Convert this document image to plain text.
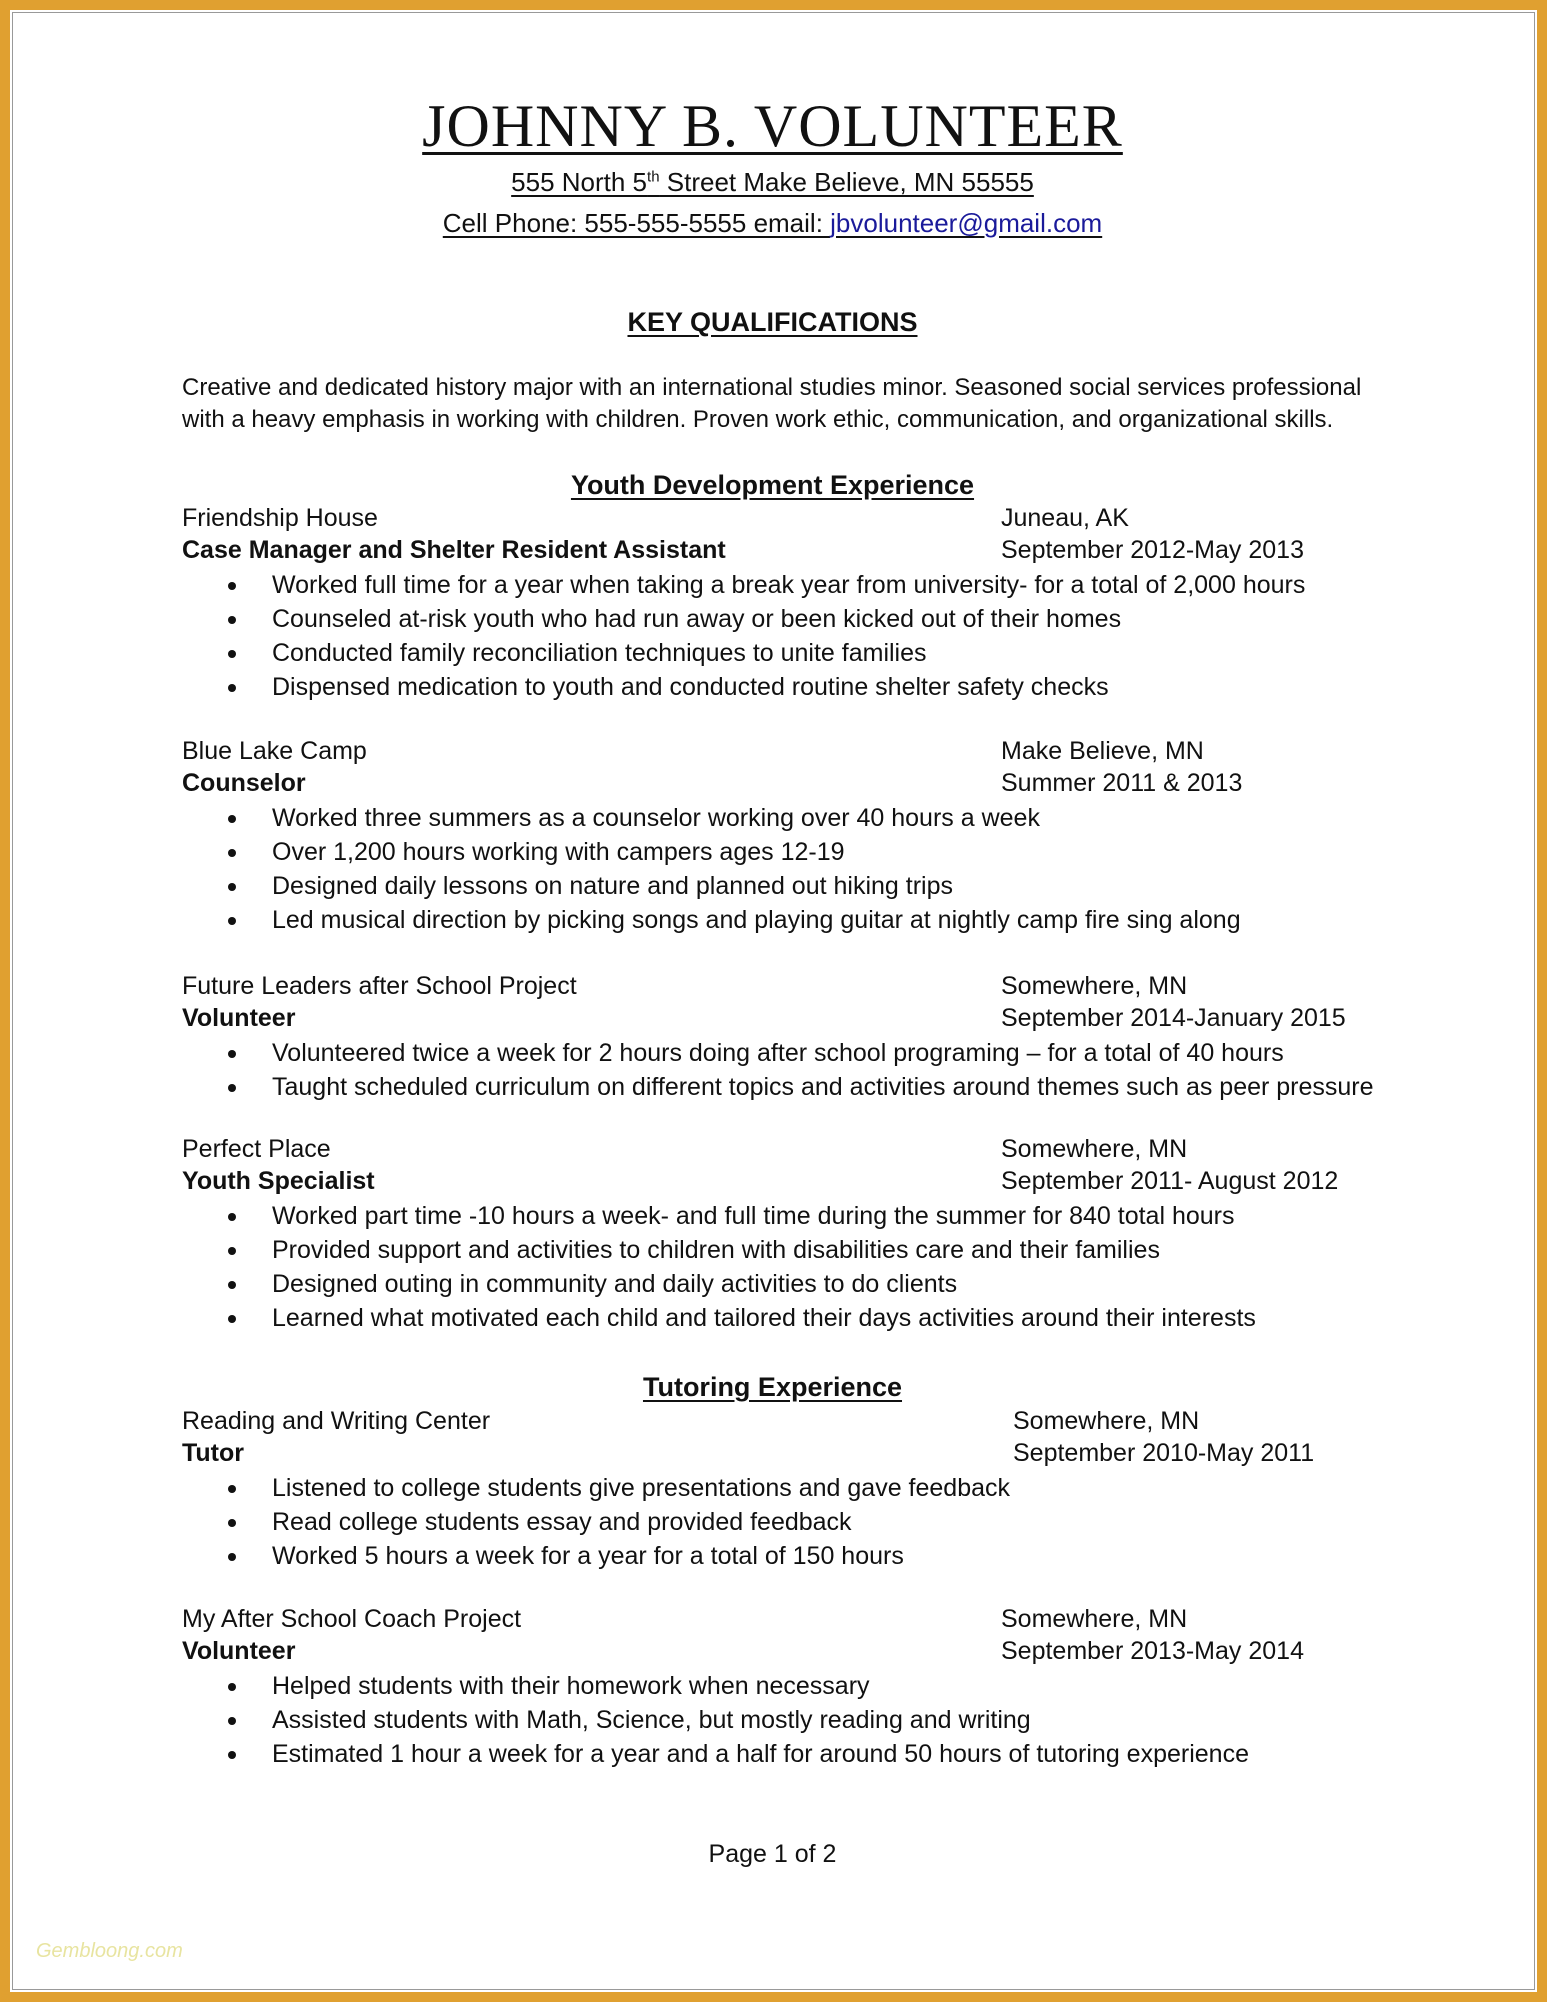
JOHNNY B. VOLUNTEER
555 North 5th Street Make Believe, MN 55555
Cell Phone: 555-555-5555 email: jbvolunteer@gmail.com
KEY QUALIFICATIONS
Creative and dedicated history major with an international studies minor. Seasoned social services professional with a heavy emphasis in working with children. Proven work ethic, communication, and organizational skills.
Youth Development Experience
Friendship House	Juneau, AK
Case Manager and Shelter Resident Assistant	September 2012-May 2013
Worked full time for a year when taking a break year from university- for a total of 2,000 hours
Counseled at-risk youth who had run away or been kicked out of their homes
Conducted family reconciliation techniques to unite families
Dispensed medication to youth and conducted routine shelter safety checks
Blue Lake Camp	Make Believe, MN
Counselor	Summer 2011 & 2013
Worked three summers as a counselor working over 40 hours a week
Over 1,200 hours working with campers ages 12-19
Designed daily lessons on nature and planned out hiking trips
Led musical direction by picking songs and playing guitar at nightly camp fire sing along
Future Leaders after School Project	Somewhere, MN
Volunteer	September 2014-January 2015
Volunteered twice a week for 2 hours doing after school programing – for a total of 40 hours
Taught scheduled curriculum on different topics and activities around themes such as peer pressure
Perfect Place	Somewhere, MN
Youth Specialist	September 2011- August 2012
Worked part time -10 hours a week- and full time during the summer for 840 total hours
Provided support and activities to children with disabilities care and their families
Designed outing in community and daily activities to do clients
Learned what motivated each child and tailored their days activities around their interests
Tutoring Experience
Reading and Writing Center	Somewhere, MN
Tutor	September 2010-May 2011
Listened to college students give presentations and gave feedback
Read college students essay and provided feedback
Worked 5 hours a week for a year for a total of 150 hours
My After School Coach Project	Somewhere, MN
Volunteer	September 2013-May 2014
Helped students with their homework when necessary
Assisted students with Math, Science, but mostly reading and writing
Estimated 1 hour a week for a year and a half for around 50 hours of tutoring experience
Page 1 of 2
Gembloong.com
